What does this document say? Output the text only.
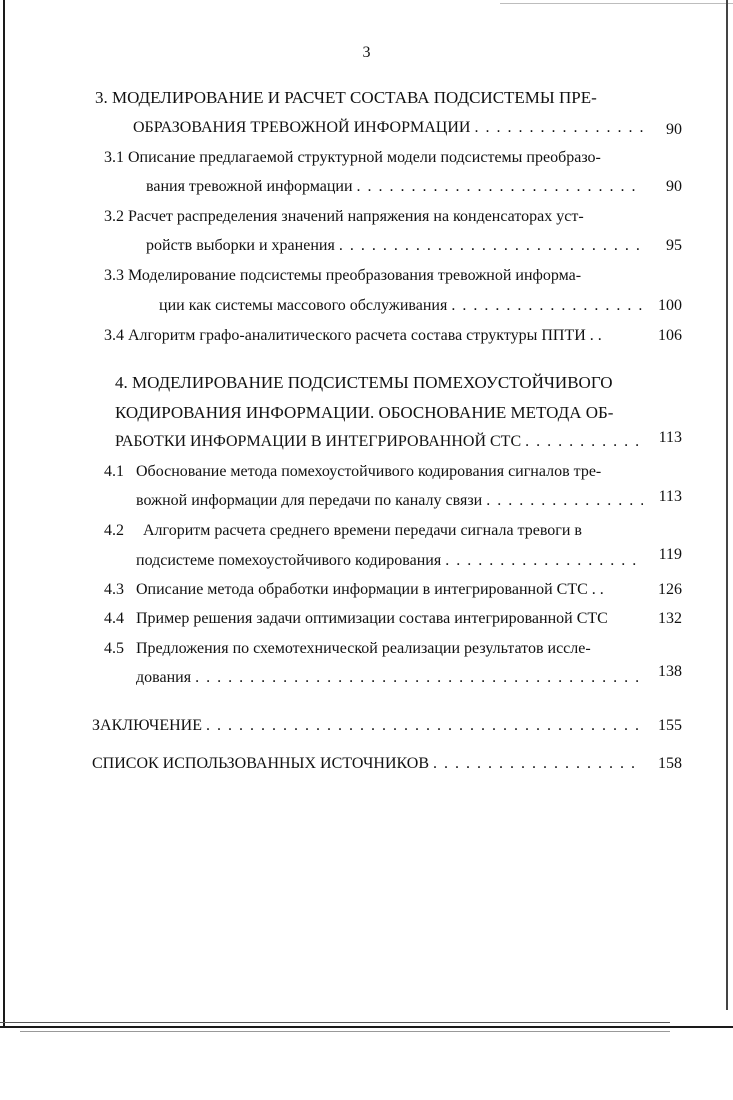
3
3. МОДЕЛИРОВАНИЕ И РАСЧЕТ СОСТАВА ПОДСИСТЕМЫ ПРЕ-
ОБРАЗОВАНИЯ ТРЕВОЖНОЙ ИНФОРМАЦИИ . . .	90
3.1 Описание предлагаемой структурной модели подсистемы преобразо-
вания тревожной информации . . .	90
3.2 Расчет распределения значений напряжения на конденсаторах уст-
ройств выборки и хранения . . .	95
3.3 Моделирование подсистемы преобразования тревожной информа-
ции как системы массового обслуживания . . .	100
3.4 Алгоритм графо-аналитического расчета состава структуры ППТИ . .	106
4. МОДЕЛИРОВАНИЕ ПОДСИСТЕМЫ ПОМЕХОУСТОЙЧИВОГО
КОДИРОВАНИЯ ИНФОРМАЦИИ. ОБОСНОВАНИЕ МЕТОДА ОБ-
РАБОТКИ ИНФОРМАЦИИ В ИНТЕГРИРОВАННОЙ СТС . . .	113
4.1 Обоснование метода помехоустойчивого кодирования сигналов тре-
вожной информации для передачи по каналу связи . . .	113
4.2 Алгоритм расчета среднего времени передачи сигнала тревоги в
подсистеме помехоустойчивого кодирования . . .	119
4.3 Описание метода обработки информации в интегрированной СТС . .	126
4.4 Пример решения задачи оптимизации состава интегрированной СТС	132
4.5 Предложения по схемотехнической реализации результатов иссле-
дования . . .	138
ЗАКЛЮЧЕНИЕ . . .	155
СПИСОК ИСПОЛЬЗОВАННЫХ ИСТОЧНИКОВ . . .	158
